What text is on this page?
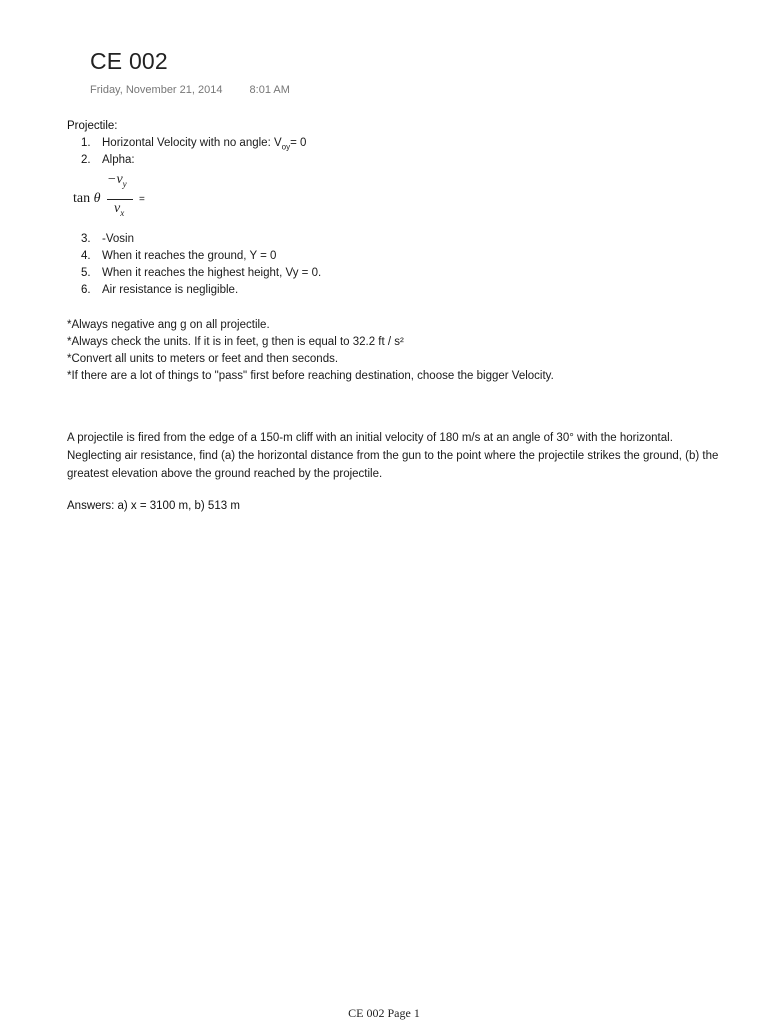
CE 002
Friday, November 21, 2014 8:01 AM

Projectile:

1. Horizontal Velocity with no angle: $V_{oy}= 0$
2. Alpha:
tan θ
$-v_y$
$v_x$
=
3. -Vosin
4. When it reaches the ground, Y = 0
5. When it reaches the highest height, Vy = 0.
6. Air resistance is negligible.

*Always negative ang g on all projectile.

*Always check the units. If it is in feet, g then is equal to 32.2 ft / s²

*Convert all units to meters or feet and then seconds.

*If there are a lot of things to "pass" first before reaching destination, choose the bigger Velocity.

A projectile is fired from the edge of a 150-m cliff with an initial velocity of 180 m/s at an angle of 30° with the horizontal. Neglecting air resistance, find (a) the horizontal distance from the gun to the point where the projectile strikes the ground, (b) the greatest elevation above the ground reached by the projectile.
Answers: a) x = 3100 m, b) 513 m
CE 002 Page 1
